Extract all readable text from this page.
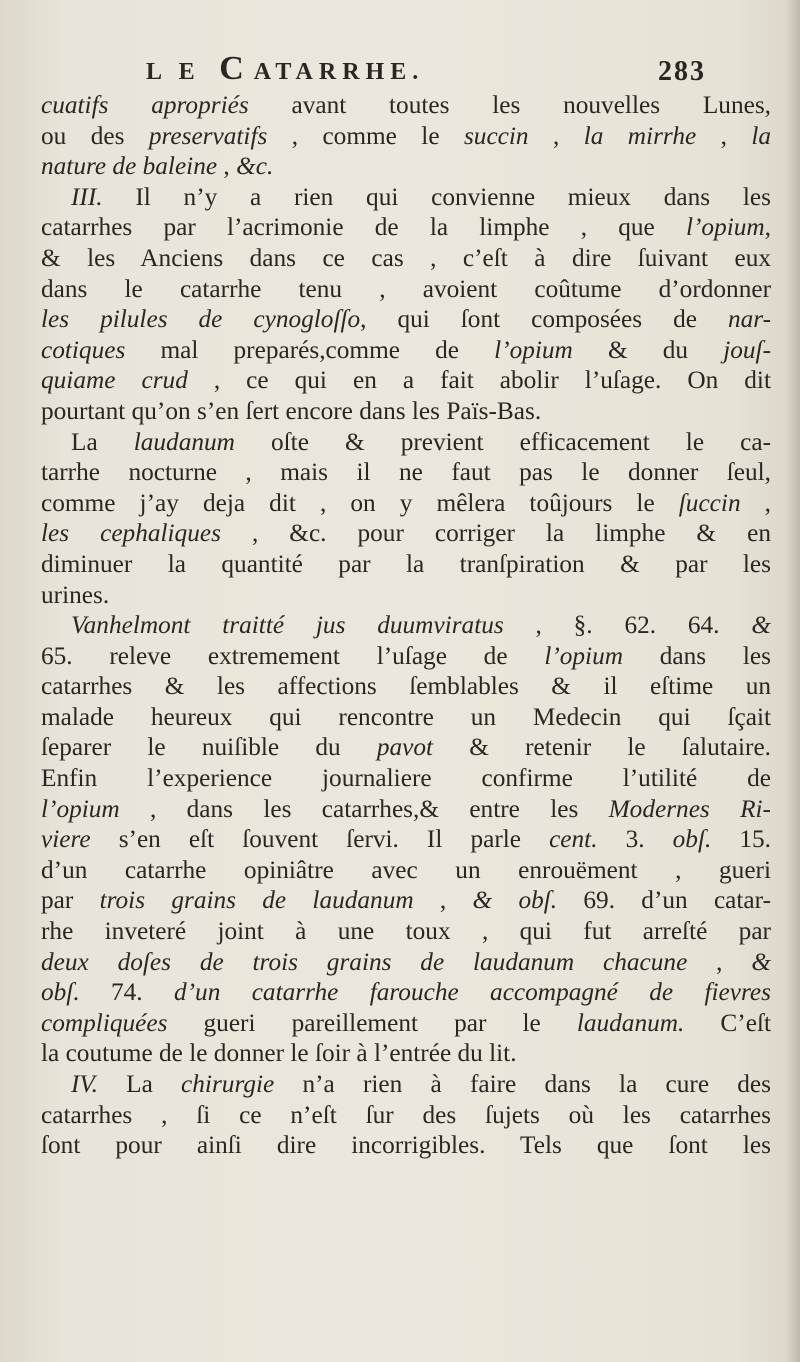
L E CATARRHE.	283
cuatifs apropriés avant toutes les nouvelles Lunes,
ou des preservatifs , comme le succin , la mirrhe , la
nature de baleine , &c.
III. Il n’y a rien qui convienne mieux dans les
catarrhes par l’acrimonie de la limphe , que l’opium,
& les Anciens dans ce cas , c’eſt à dire ſuivant eux
dans le catarrhe tenu , avoient coûtume d’ordonner
les pilules de cynogloſſo, qui ſont composées de nar-
cotiques mal preparés,comme de l’opium & du jouſ-
quiame crud , ce qui en a fait abolir l’uſage. On dit
pourtant qu’on s’en ſert encore dans les Païs-Bas.
La laudanum oſte & previent efficacement le ca-
tarrhe nocturne , mais il ne faut pas le donner ſeul,
comme j’ay deja dit , on y mêlera toûjours le ſuccin ,
les cephaliques , &c. pour corriger la limphe & en
diminuer la quantité par la tranſpiration & par les
urines.
Vanhelmont traitté jus duumviratus , §. 62. 64. &
65. releve extremement l’uſage de l’opium dans les
catarrhes & les affections ſemblables & il eſtime un
malade heureux qui rencontre un Medecin qui ſçait
ſeparer le nuiſible du pavot & retenir le ſalutaire.
Enfin l’experience journaliere confirme l’utilité de
l’opium , dans les catarrhes,& entre les Modernes Ri-
viere s’en eſt ſouvent ſervi. Il parle cent. 3. obſ. 15.
d’un catarrhe opiniâtre avec un enrouëment , gueri
par trois grains de laudanum , & obſ. 69. d’un catar-
rhe inveteré joint à une toux , qui fut arreſté par
deux doſes de trois grains de laudanum chacune , &
obſ. 74. d’un catarrhe farouche accompagné de fievres
compliquées gueri pareillement par le laudanum. C’eſt
la coutume de le donner le ſoir à l’entrée du lit.
IV. La chirurgie n’a rien à faire dans la cure des
catarrhes , ſi ce n’eſt ſur des ſujets où les catarrhes
ſont pour ainſi dire incorrigibles. Tels que ſont les
